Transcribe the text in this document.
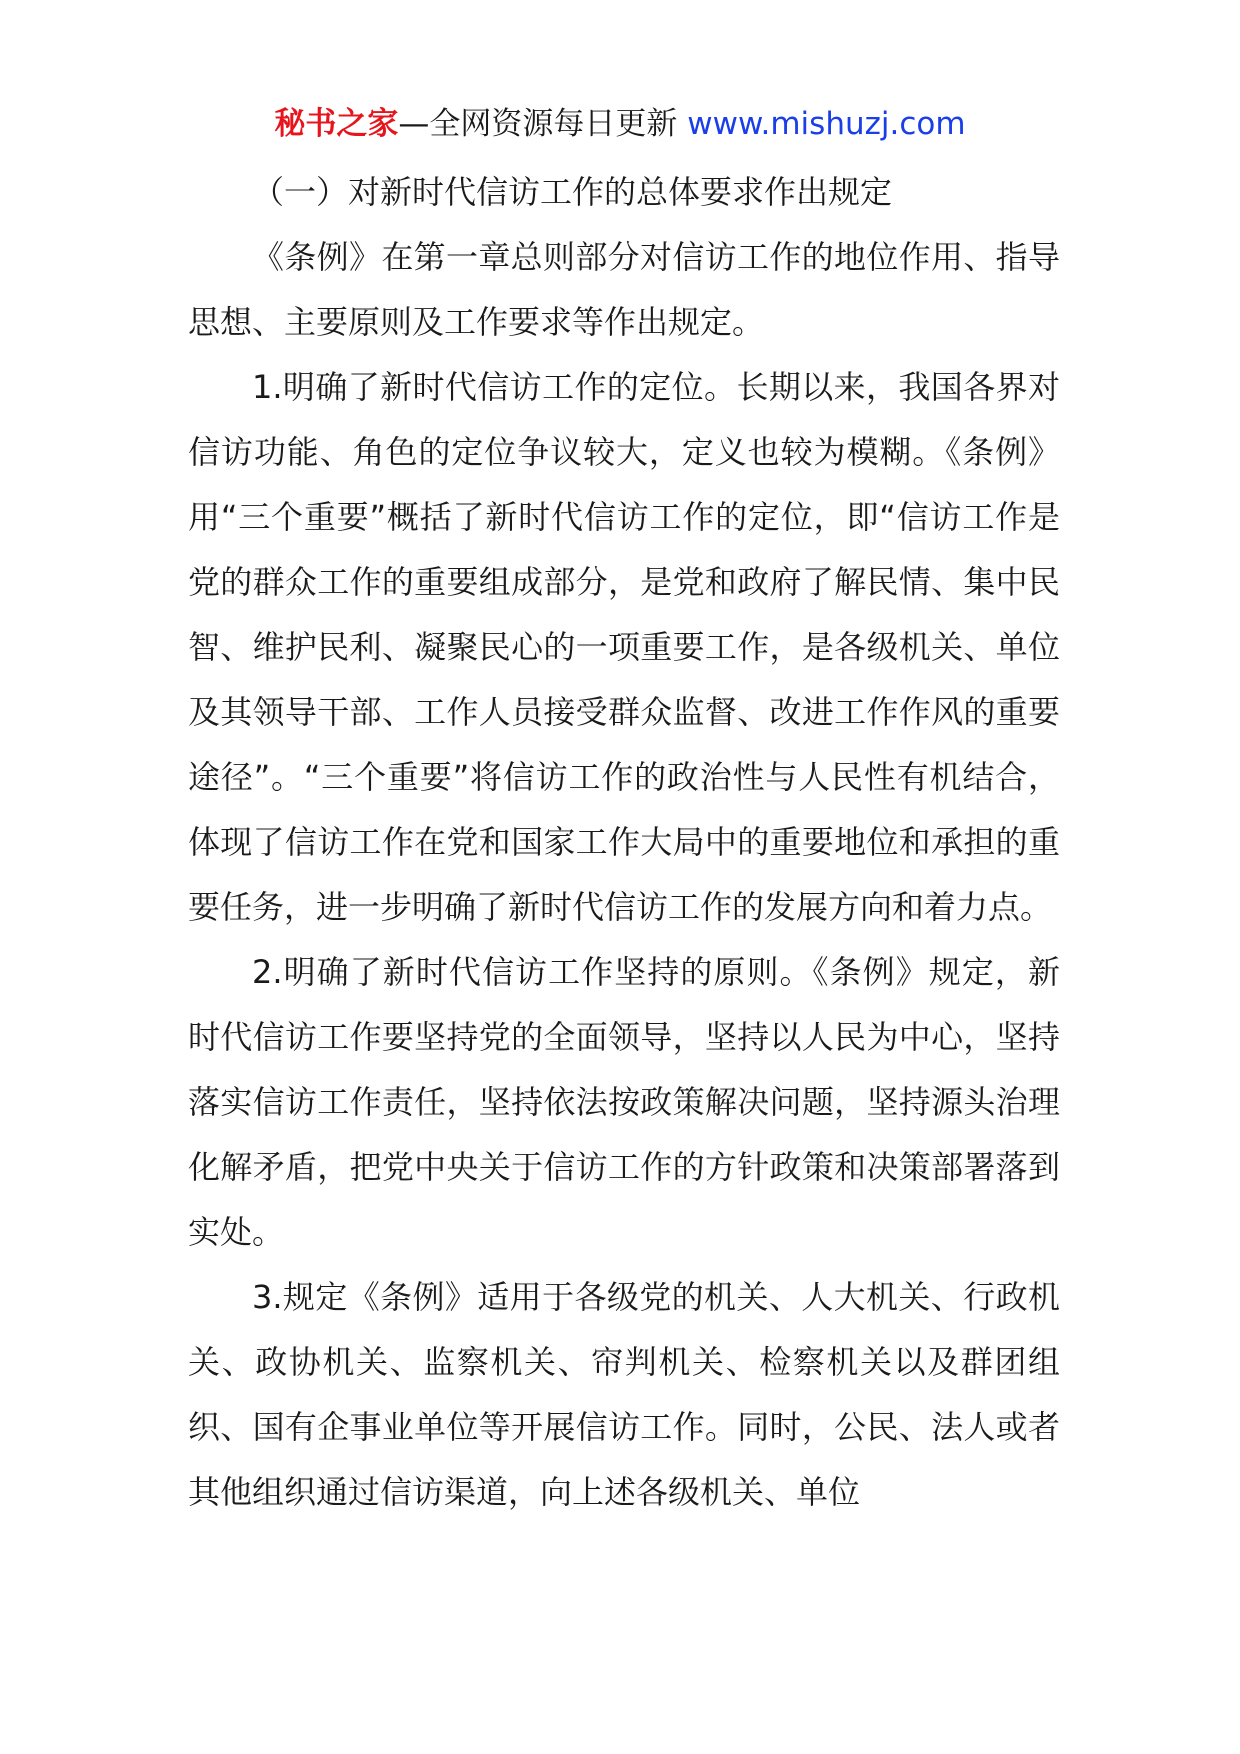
秘书之家—全网资源每日更新 www.mishuzj.com

（一）对新时代信访工作的总体要求作出规定

《条例》在第一章总则部分对信访工作的地位作用、指导思想、主要原则及工作要求等作出规定。

1.明确了新时代信访工作的定位。长期以来，我国各界对信访功能、角色的定位争议较大，定义也较为模糊。《条例》用“三个重要”概括了新时代信访工作的定位，即“信访工作是党的群众工作的重要组成部分，是党和政府了解民情、集中民智、维护民利、凝聚民心的一项重要工作，是各级机关、单位及其领导干部、工作人员接受群众监督、改进工作作风的重要途径”。“三个重要”将信访工作的政治性与人民性有机结合，体现了信访工作在党和国家工作大局中的重要地位和承担的重要任务，进一步明确了新时代信访工作的发展方向和着力点。

2.明确了新时代信访工作坚持的原则。《条例》规定，新时代信访工作要坚持党的全面领导，坚持以人民为中心，坚持落实信访工作责任，坚持依法按政策解决问题，坚持源头治理化解矛盾，把党中央关于信访工作的方针政策和决策部署落到实处。

3.规定《条例》适用于各级党的机关、人大机关、行政机关、政协机关、监察机关、帘判机关、检察机关以及群团组织、国有企事业单位等开展信访工作。同时，公民、法人或者其他组织通过信访渠道，向上述各级机关、单位
